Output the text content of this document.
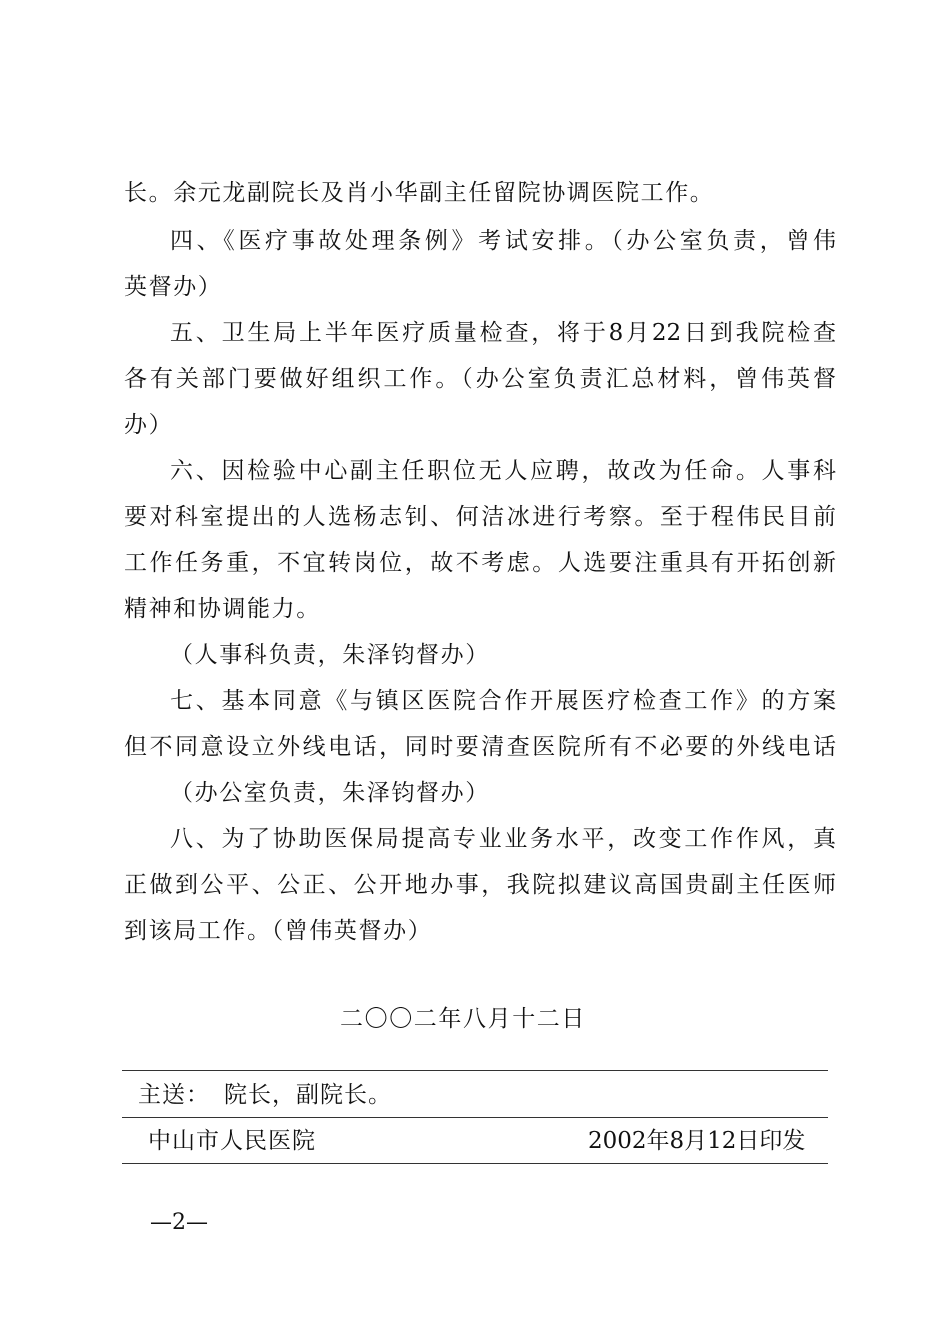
长。余元龙副院长及肖小华副主任留院协调医院工作。
四、《医疗事故处理条例》考试安排。（办公室负责，曾伟
英督办）
五、卫生局上半年医疗质量检查，将于8月22日到我院检查
各有关部门要做好组织工作。（办公室负责汇总材料，曾伟英督
办）
六、因检验中心副主任职位无人应聘，故改为任命。人事科
要对科室提出的人选杨志钊、何洁冰进行考察。至于程伟民目前
工作任务重，不宜转岗位，故不考虑。人选要注重具有开拓创新
精神和协调能力。
（人事科负责，朱泽钧督办）
七、基本同意《与镇区医院合作开展医疗检查工作》的方案
但不同意设立外线电话，同时要清查医院所有不必要的外线电话
（办公室负责，朱泽钧督办）
八、为了协助医保局提高专业业务水平，改变工作作风，真
正做到公平、公正、公开地办事，我院拟建议高国贵副主任医师
到该局工作。（曾伟英督办）
二〇〇二年八月十二日
主送： 院长，副院长。
中山市人民医院	2002年8月12日印发
—2—
